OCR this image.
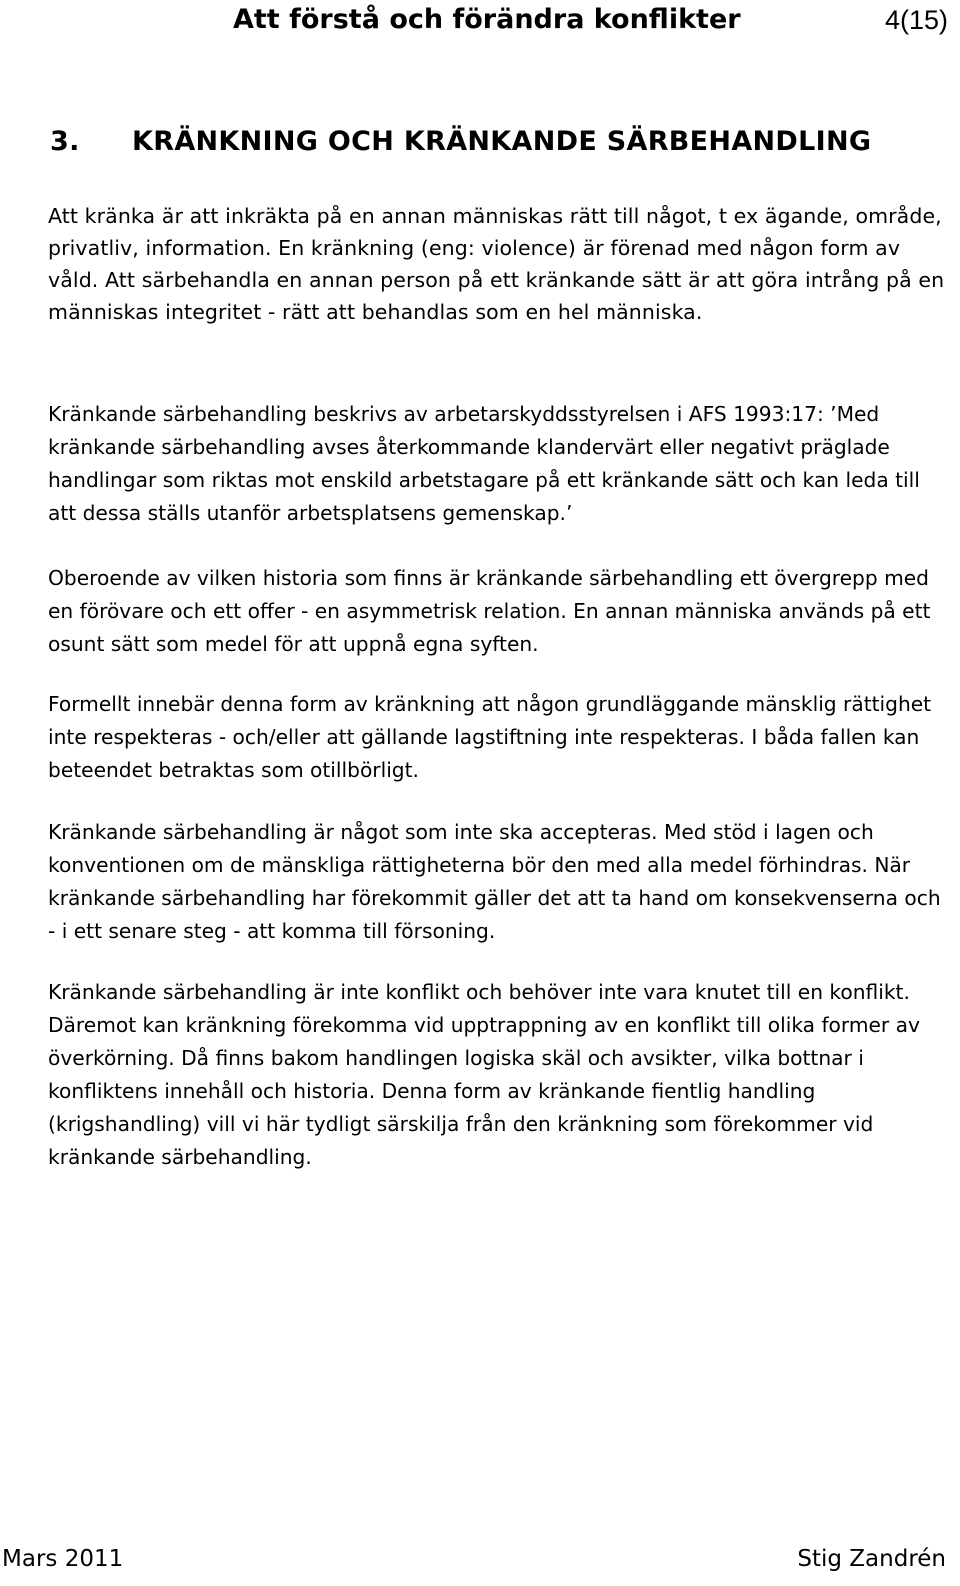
Att förstå och förändra konflikter	4(15)
3. KRÄNKNING OCH KRÄNKANDE SÄRBEHANDLING

Att kränka är att inkräkta på en annan människas rätt till något, t ex ägande, område, privatliv, information. En kränkning (eng: violence) är förenad med någon form av våld. Att särbehandla en annan person på ett kränkande sätt är att göra intrång på en människas integritet - rätt att behandlas som en hel människa.

Kränkande särbehandling beskrivs av arbetarskyddsstyrelsen i AFS 1993:17: ’Med kränkande särbehandling avses återkommande klandervärt eller negativt präglade handlingar som riktas mot enskild arbetstagare på ett kränkande sätt och kan leda till att dessa ställs utanför arbetsplatsens gemenskap.’

Oberoende av vilken historia som finns är kränkande särbehandling ett övergrepp med en förövare och ett offer - en asymmetrisk relation. En annan människa används på ett osunt sätt som medel för att uppnå egna syften.

Formellt innebär denna form av kränkning att någon grundläggande mänsklig rättighet inte respekteras - och/eller att gällande lagstiftning inte respekteras. I båda fallen kan beteendet betraktas som otillbörligt.

Kränkande särbehandling är något som inte ska accepteras. Med stöd i lagen och konventionen om de mänskliga rättigheterna bör den med alla medel förhindras. När kränkande särbehandling har förekommit gäller det att ta hand om konsekvenserna och - i ett senare steg - att komma till försoning.

Kränkande särbehandling är inte konflikt och behöver inte vara knutet till en konflikt. Däremot kan kränkning förekomma vid upptrappning av en konflikt till olika former av överkörning. Då finns bakom handlingen logiska skäl och avsikter, vilka bottnar i konfliktens innehåll och historia. Denna form av kränkande fientlig handling (krigshandling) vill vi här tydligt särskilja från den kränkning som förekommer vid kränkande särbehandling.

Mars 2011	Stig Zandrén
